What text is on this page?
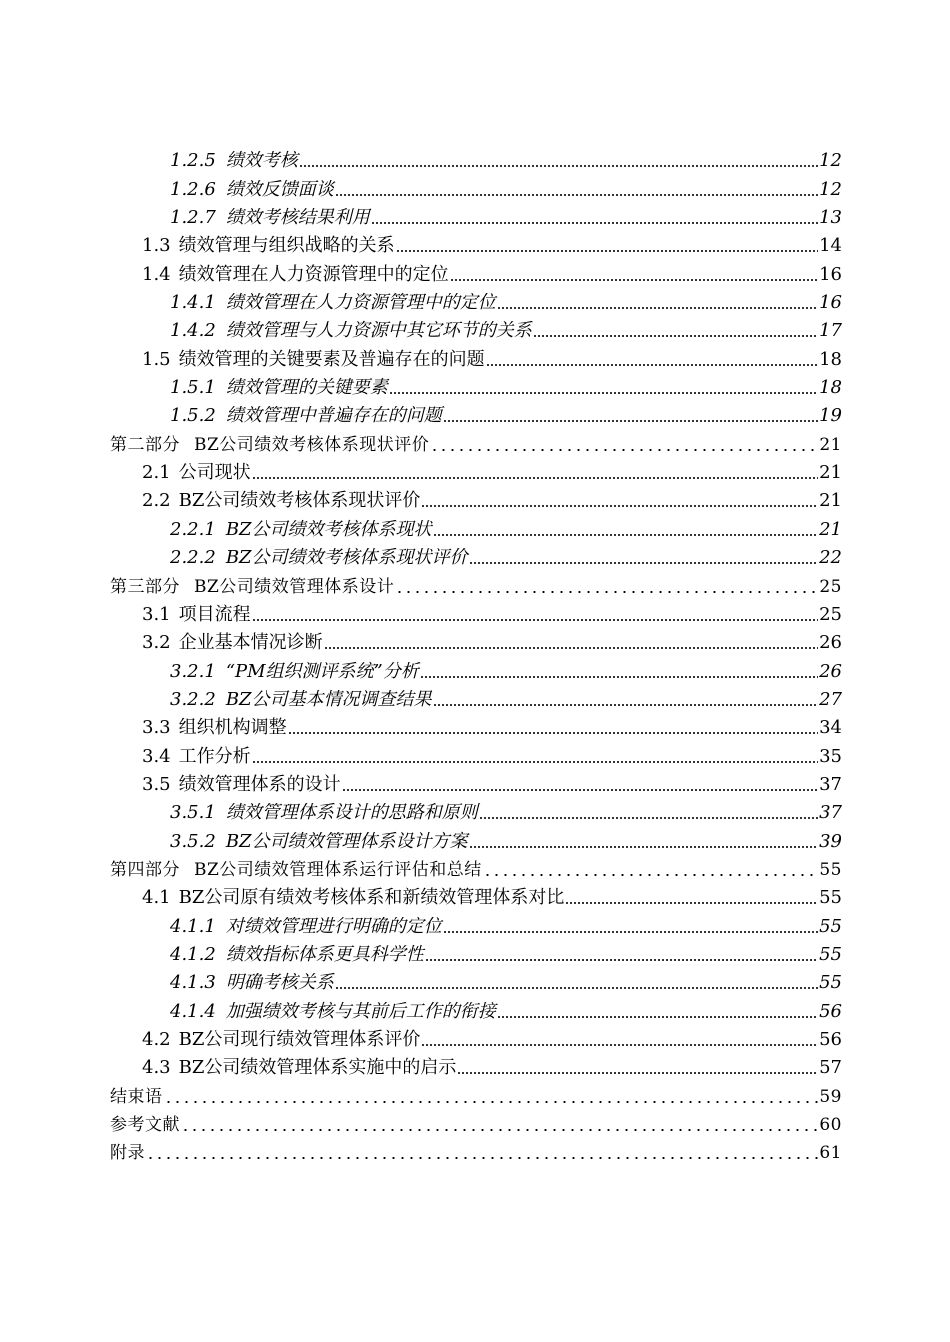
1.2.5 绩效考核	12
1.2.6 绩效反馈面谈	12
1.2.7 绩效考核结果利用	13
1.3 绩效管理与组织战略的关系	14
1.4 绩效管理在人力资源管理中的定位	16
1.4.1 绩效管理在人力资源管理中的定位	16
1.4.2 绩效管理与人力资源中其它环节的关系	17
1.5 绩效管理的关键要素及普遍存在的问题	18
1.5.1 绩效管理的关键要素	18
1.5.2 绩效管理中普遍存在的问题	19
第二部分 BZ公司绩效考核体系现状评价	21
2.1 公司现状	21
2.2 BZ公司绩效考核体系现状评价	21
2.2.1 BZ公司绩效考核体系现状	21
2.2.2 BZ公司绩效考核体系现状评价	22
第三部分 BZ公司绩效管理体系设计	25
3.1 项目流程	25
3.2 企业基本情况诊断	26
3.2.1 “PM组织测评系统”分析	26
3.2.2 BZ公司基本情况调查结果	27
3.3 组织机构调整	34
3.4 工作分析	35
3.5 绩效管理体系的设计	37
3.5.1 绩效管理体系设计的思路和原则	37
3.5.2 BZ公司绩效管理体系设计方案	39
第四部分 BZ公司绩效管理体系运行评估和总结	55
4.1 BZ公司原有绩效考核体系和新绩效管理体系对比	55
4.1.1 对绩效管理进行明确的定位	55
4.1.2 绩效指标体系更具科学性	55
4.1.3 明确考核关系	55
4.1.4 加强绩效考核与其前后工作的衔接	56
4.2 BZ公司现行绩效管理体系评价	56
4.3 BZ公司绩效管理体系实施中的启示	57
结束语	59
参考文献	60
附录	61
